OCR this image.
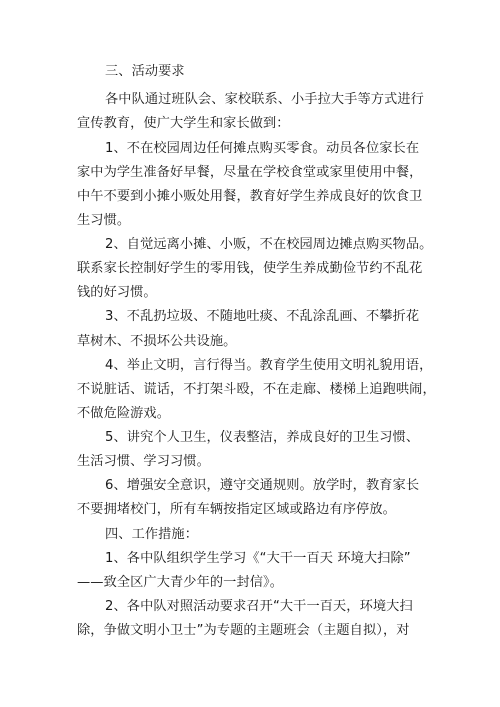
三、活动要求
各中队通过班队会、家校联系、小手拉大手等方式进行
宣传教育，使广大学生和家长做到：
1、不在校园周边任何摊点购买零食。动员各位家长在
家中为学生准备好早餐，尽量在学校食堂或家里使用中餐，
中午不要到小摊小贩处用餐，教育好学生养成良好的饮食卫
生习惯。
2、自觉远离小摊、小贩，不在校园周边摊点购买物品。
联系家长控制好学生的零用钱，使学生养成勤俭节约不乱花
钱的好习惯。
3、不乱扔垃圾、不随地吐痰、不乱涂乱画、不攀折花
草树木、不损坏公共设施。
4、举止文明，言行得当。教育学生使用文明礼貌用语，
不说脏话、谎话，不打架斗殴，不在走廊、楼梯上追跑哄闹，
不做危险游戏。
5、讲究个人卫生，仪表整洁，养成良好的卫生习惯、
生活习惯、学习习惯。
6、增强安全意识，遵守交通规则。放学时，教育家长
不要拥堵校门，所有车辆按指定区域或路边有序停放。
四、工作措施：
1、各中队组织学生学习《“大干一百天 环境大扫除”
——致全区广大青少年的一封信》。
2、各中队对照活动要求召开“大干一百天，环境大扫
除，争做文明小卫士”为专题的主题班会（主题自拟），对
